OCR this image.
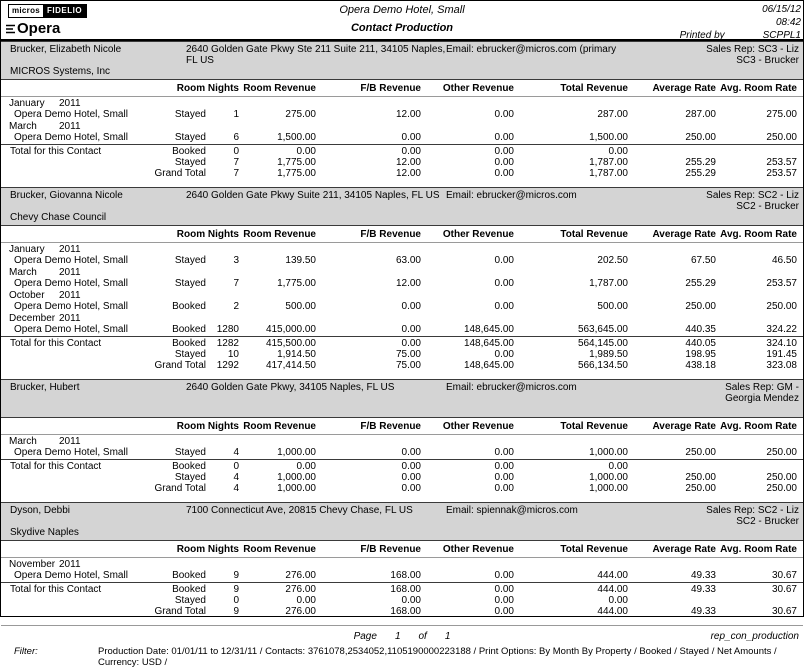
micros FIDELIO
Opera
Opera Demo Hotel, Small
Contact Production
06/15/12
08:42
Printed by	SCPPL1
Brucker, Elizabeth Nicole	2640 Golden Gate Pkwy Ste 211 Suite 211, 34105 Naples, FL US
Email: ebrucker@micros.com (primary	Sales Rep: SC3 - Liz SC3 - Brucker
MICROS Systems, Inc
Room Nights Room Revenue	F/B Revenue	Other Revenue	Total Revenue	Average Rate Avg. Room Rate
January 2011
Opera Demo Hotel, Small	Stayed	1	275.00	12.00	0.00	287.00	287.00	275.00
March 2011
Opera Demo Hotel, Small	Stayed	6	1,500.00	0.00	0.00	1,500.00	250.00	250.00
Total for this Contact	Booked	0	0.00	0.00	0.00	0.00
Stayed	7	1,775.00	12.00	0.00	1,787.00	255.29	253.57
Grand Total	7	1,775.00	12.00	0.00	1,787.00	255.29	253.57
Brucker, Giovanna Nicole	2640 Golden Gate Pkwy Suite 211, 34105 Naples, FL US Email: ebrucker@micros.com	Sales Rep: SC2 - Liz SC2 - Brucker
Chevy Chase Council
Room Nights Room Revenue	F/B Revenue	Other Revenue	Total Revenue	Average Rate Avg. Room Rate
January 2011
Opera Demo Hotel, Small	Stayed	3	139.50	63.00	0.00	202.50	67.50	46.50
March 2011
Opera Demo Hotel, Small	Stayed	7	1,775.00	12.00	0.00	1,787.00	255.29	253.57
October 2011
Opera Demo Hotel, Small	Booked	2	500.00	0.00	0.00	500.00	250.00	250.00
December 2011
Opera Demo Hotel, Small	Booked	1280	415,000.00	0.00	148,645.00	563,645.00	440.35	324.22
Total for this Contact	Booked	1282	415,500.00	0.00	148,645.00	564,145.00	440.05	324.10
Stayed	10	1,914.50	75.00	0.00	1,989.50	198.95	191.45
Grand Total	1292	417,414.50	75.00	148,645.00	566,134.50	438.18	323.08
Brucker, Hubert	2640 Golden Gate Pkwy, 34105 Naples, FL US	Email: ebrucker@micros.com	Sales Rep: GM - Georgia Mendez
Room Nights Room Revenue	F/B Revenue	Other Revenue	Total Revenue	Average Rate Avg. Room Rate
March 2011
Opera Demo Hotel, Small	Stayed	4	1,000.00	0.00	0.00	1,000.00	250.00	250.00
Total for this Contact	Booked	0	0.00	0.00	0.00	0.00
Stayed	4	1,000.00	0.00	0.00	1,000.00	250.00	250.00
Grand Total	4	1,000.00	0.00	0.00	1,000.00	250.00	250.00
Dyson, Debbi	7100 Connecticut Ave, 20815 Chevy Chase, FL US	Email: spiennak@micros.com	Sales Rep: SC2 - Liz SC2 - Brucker
Skydive Naples
Room Nights Room Revenue	F/B Revenue	Other Revenue	Total Revenue	Average Rate Avg. Room Rate
November 2011
Opera Demo Hotel, Small	Booked	9	276.00	168.00	0.00	444.00	49.33	30.67
Total for this Contact	Booked	9	276.00	168.00	0.00	444.00	49.33	30.67
Stayed	0	0.00	0.00	0.00	0.00
Grand Total	9	276.00	168.00	0.00	444.00	49.33	30.67
Page 1 of 1	rep_con_production
Filter:	Production Date: 01/01/11 to 12/31/11 / Contacts: 3761078,2534052,1105190000223188 / Print Options: By Month By Property / Booked / Stayed / Net Amounts / Currency: USD /
